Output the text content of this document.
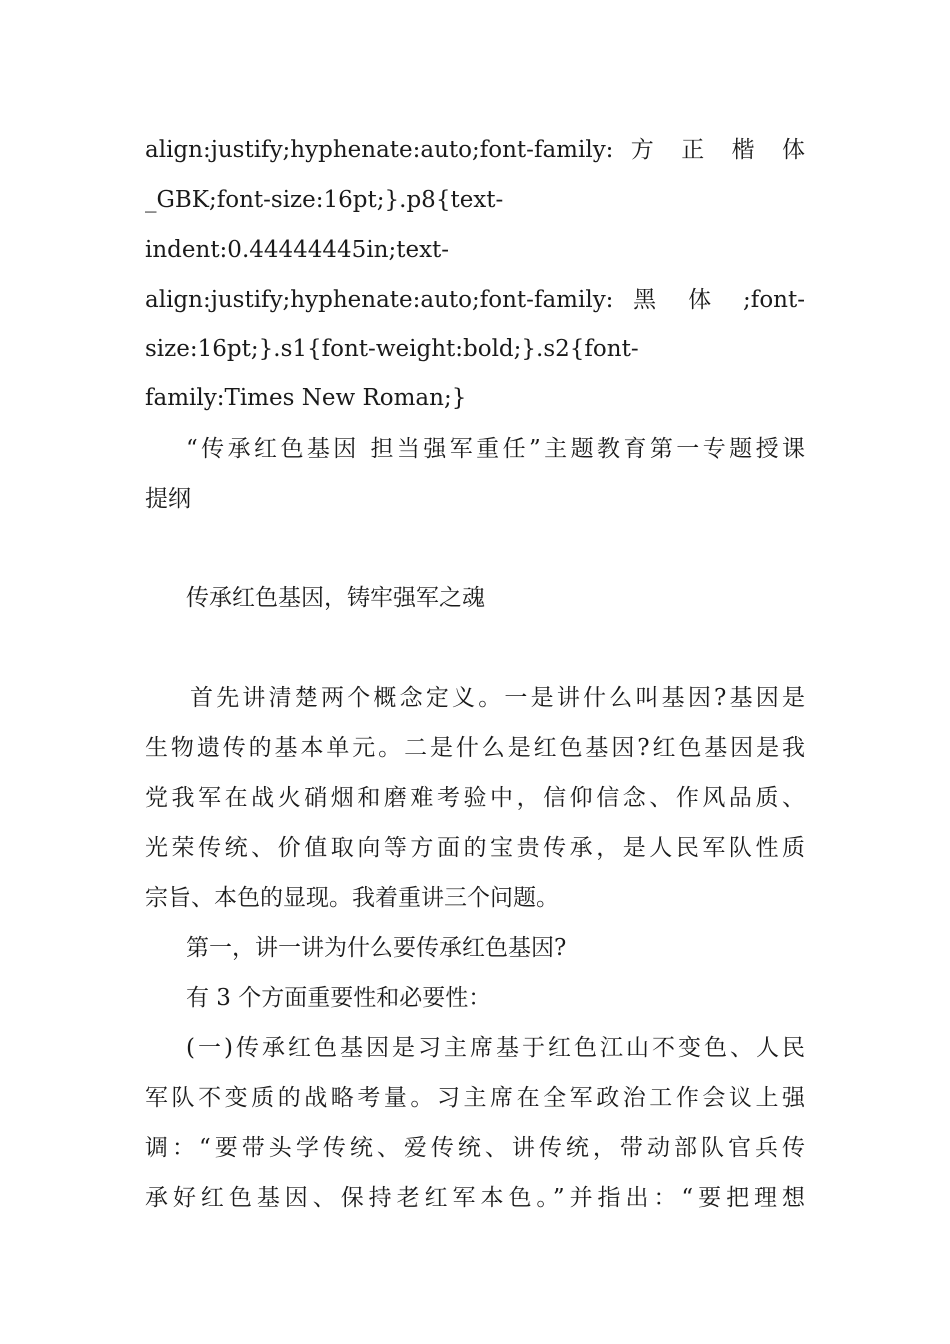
align:justify;hyphenate:auto;font-family: 方 正 楷 体
_GBK;font-size:16pt;}.p8{text-
indent:0.44444445in;text-
align:justify;hyphenate:auto;font-family: 黑 体 ;font-
size:16pt;}.s1{font-weight:bold;}.s2{font-
family:Times New Roman;}
“传承红色基因 担当强军重任”主题教育第一专题授课
提纲
传承红色基因，铸牢强军之魂
首先讲清楚两个概念定义。一是讲什么叫基因?基因是
生物遗传的基本单元。二是什么是红色基因?红色基因是我
党我军在战火硝烟和磨难考验中，信仰信念、作风品质、
光荣传统、价值取向等方面的宝贵传承，是人民军队性质
宗旨、本色的显现。我着重讲三个问题。
第一，讲一讲为什么要传承红色基因?
有 3 个方面重要性和必要性：
(一)传承红色基因是习主席基于红色江山不变色、人民
军队不变质的战略考量。习主席在全军政治工作会议上强
调：“要带头学传统、爱传统、讲传统，带动部队官兵传
承好红色基因、保持老红军本色。”并指出：“要把理想
